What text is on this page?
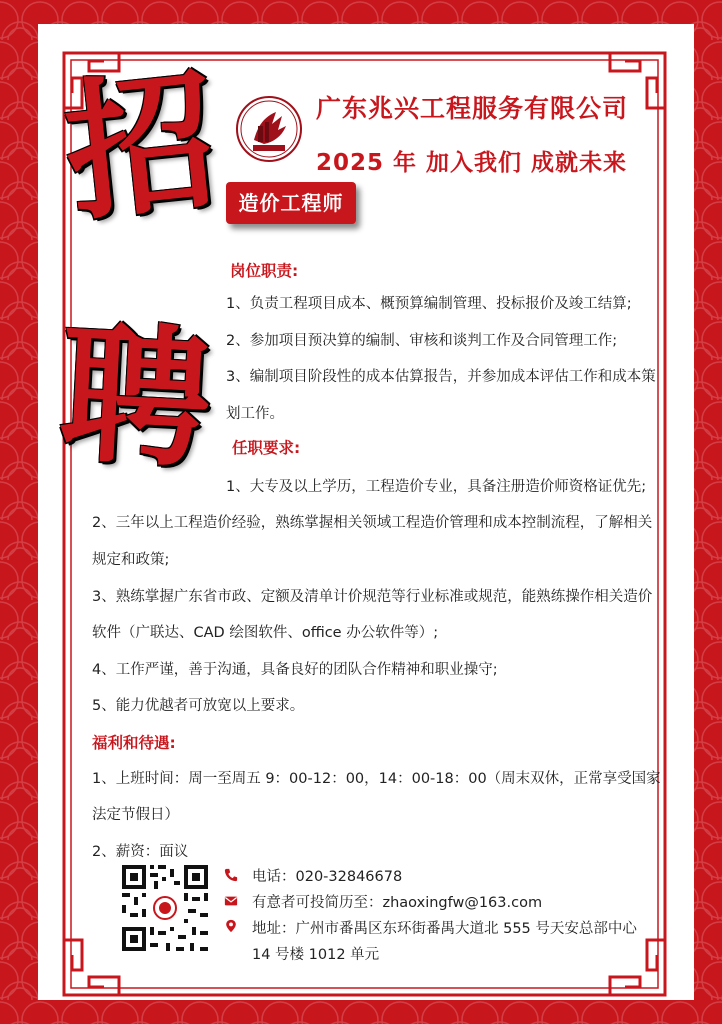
招
聘
广东兆兴工程服务有限公司
2025 年 加入我们 成就未来
造价工程师
岗位职责:
1、负责工程项目成本、概预算编制管理、投标报价及竣工结算;
2、参加项目预决算的编制、审核和谈判工作及合同管理工作;
3、编制项目阶段性的成本估算报告，并参加成本评估工作和成本策
划工作。
任职要求:
1、大专及以上学历，工程造价专业，具备注册造价师资格证优先;
2、三年以上工程造价经验，熟练掌握相关领域工程造价管理和成本控制流程，了解相关
规定和政策;
3、熟练掌握广东省市政、定额及清单计价规范等行业标准或规范，能熟练操作相关造价
软件（广联达、CAD 绘图软件、office 办公软件等）;
4、工作严谨，善于沟通，具备良好的团队合作精神和职业操守;
5、能力优越者可放宽以上要求。
福利和待遇:
1、上班时间：周一至周五 9：00-12：00，14：00-18：00（周末双休，正常享受国家
法定节假日）
2、薪资：面议
电话：020-32846678
有意者可投简历至：zhaoxingfw@163.com
地址：广州市番禺区东环街番禺大道北 555 号天安总部中心
14 号楼 1012 单元
